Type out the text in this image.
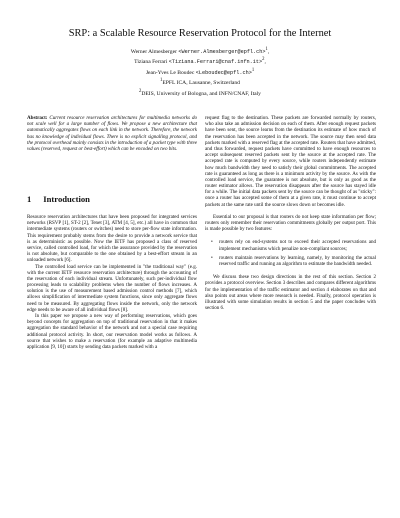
SRP: a Scalable Resource Reservation Protocol for the Internet
Werner Almesberger <Werner.Almesberger@epfl.ch>$^1$,
Tiziana Ferrari <Tiziana.Ferrari@cnaf.infn.it>$^2$,
Jean-Yves Le Boudec <Leboudec@epfl.ch>$^1$
$^1$EPFL ICA, Lausanne, Switzerland
$^2$DEIS, University of Bologna, and INFN/CNAF, Italy
Abstract: Current resource reservation architectures for multimedia networks do not scale well for a large number of flows. We propose a new architecture that automatically aggregates flows on each link in the network. Therefore, the network has no knowledge of individual flows. There is no explicit signalling protocol, and the protocol overhead mainly consists in the introduction of a packet type with three values (reserved, request or best-effort) which can be encoded on two bits.
1 Introduction

Resource reservation architectures that have been proposed for integrated services networks (RSVP [1], ST-2 [2], Tenet [3], ATM [4, 5], etc.) all have in common that intermediate systems (routers or switches) need to store per-flow state information. This requirement probably stems from the desire to provide a network service that is as deterministic as possible. Now the IETF has proposed a class of reserved service, called controlled load, for which the assurance provided by the reservation is not absolute, but comparable to the one obtained by a best-effort stream in an unloaded network [6].

The controlled load service can be implemented in "the traditional way" (e.g. with the current IETF resource reservation architecture) through the accounting of the reservation of each individual stream. Unfortunately, such per-individual flow processing leads to scalability problems when the number of flows increases. A solution is the use of measurement based admission control methods [7], which allows simplification of intermediate system functions, since only aggregate flows need to be measured. By aggregating flows inside the network, only the network edge needs to be aware of all individual flows [8].

In this paper we propose a new way of performing reservations, which goes beyond concepts for aggregation on top of traditional reservation in that it makes aggregation the standard behavior of the network and not a special case requiring additional protocol activity. In short, our reservation model works as follows. A source that wishes to make a reservation (for example an adaptive multimedia application [9, 10]) starts by sending data packets marked with a

request flag to the destination. These packets are forwarded normally by routers, who also take an admission decision on each of them. After enough request packets have been sent, the source learns from the destination its estimate of how much of the reservation has been accepted in the network. The source may then send data packets marked with a reserved flag at the accepted rate. Routers that have admitted, and thus forwarded, request packets have committed to have enough resources to accept subsequent reserved packets sent by the source at the accepted rate. The accepted rate is computed by every source, while routers independently estimate how much bandwidth they need to satisfy their global commitments. The accepted rate is guaranteed as long as there is a minimum activity by the source. As with the controlled load service, the guarantee is not absolute, but is only as good as the router estimator allows. The reservation disappears after the source has stayed idle for a while. The initial data packets sent by the source can be thought of as "sticky": once a router has accepted some of them at a given rate, it must continue to accept packets at the same rate until the source slows down or becomes idle.

Essential to our proposal is that routers do not keep state information per flow; routers only remember their reservation commitments globally per output port. This is made possible by two features:

• routers rely on end-systems not to exceed their accepted reservations and implement mechanisms which penalize non-compliant sources;
• routers maintain reservations by learning, namely, by monitoring the actual reserved traffic and running an algorithm to estimate the bandwidth needed.

We discuss these two design directions in the rest of this section. Section 2 provides a protocol overview. Section 3 describes and compares different algorithms for the implementation of the traffic estimator and section 4 elaborates on that and also points out areas where more research is needed. Finally, protocol operation is illustrated with some simulation results in section 5 and the paper concludes with section 6.
